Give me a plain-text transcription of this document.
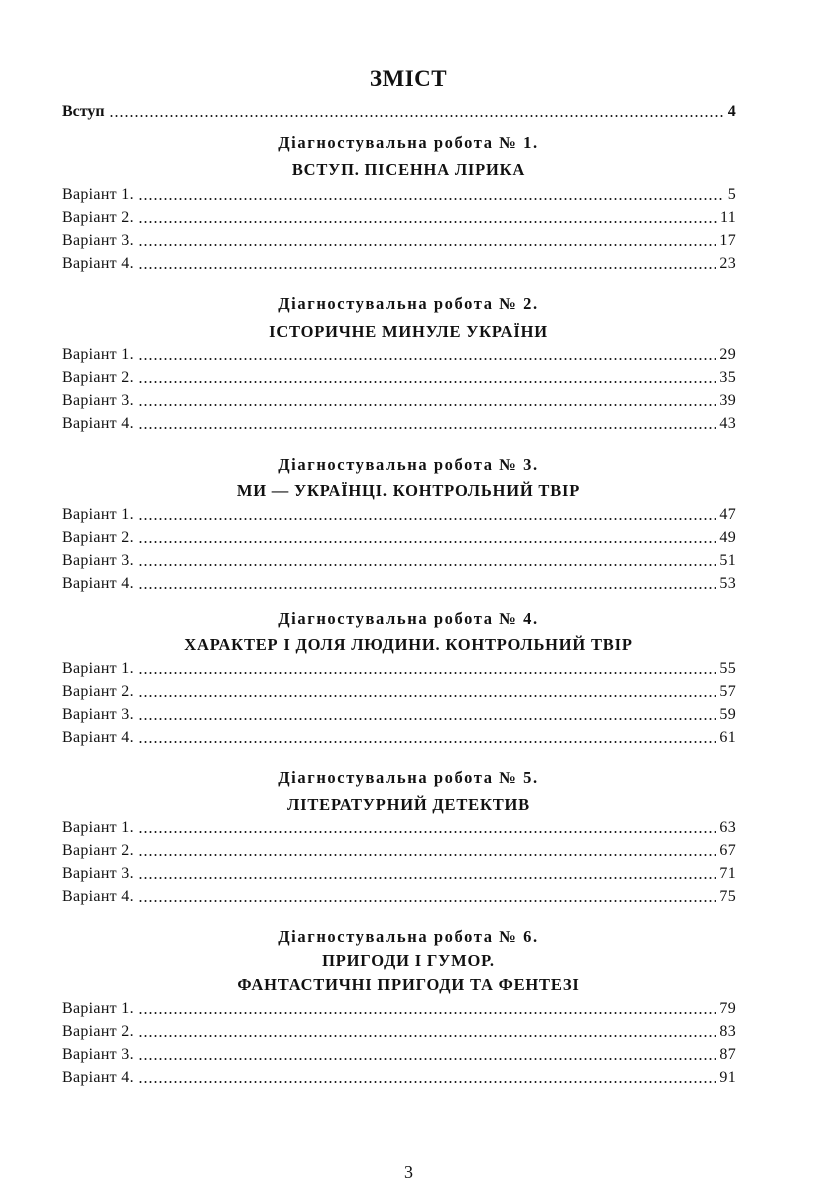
ЗМІСТ
Вступ	4
Діагностувальна робота № 1.
ВСТУП. ПІСЕННА ЛІРИКА
Варіант 1.	5
Варіант 2.	11
Варіант 3.	17
Варіант 4.	23
Діагностувальна робота № 2.
ІСТОРИЧНЕ МИНУЛЕ УКРАЇНИ
Варіант 1.	29
Варіант 2.	35
Варіант 3.	39
Варіант 4.	43
Діагностувальна робота № 3.
МИ — УКРАЇНЦІ. КОНТРОЛЬНИЙ ТВІР
Варіант 1.	47
Варіант 2.	49
Варіант 3.	51
Варіант 4.	53
Діагностувальна робота № 4.
ХАРАКТЕР І ДОЛЯ ЛЮДИНИ. КОНТРОЛЬНИЙ ТВІР
Варіант 1.	55
Варіант 2.	57
Варіант 3.	59
Варіант 4.	61
Діагностувальна робота № 5.
ЛІТЕРАТУРНИЙ ДЕТЕКТИВ
Варіант 1.	63
Варіант 2.	67
Варіант 3.	71
Варіант 4.	75
Діагностувальна робота № 6.
ПРИГОДИ І ГУМОР.
ФАНТАСТИЧНІ ПРИГОДИ ТА ФЕНТЕЗІ
Варіант 1.	79
Варіант 2.	83
Варіант 3.	87
Варіант 4.	91
3
